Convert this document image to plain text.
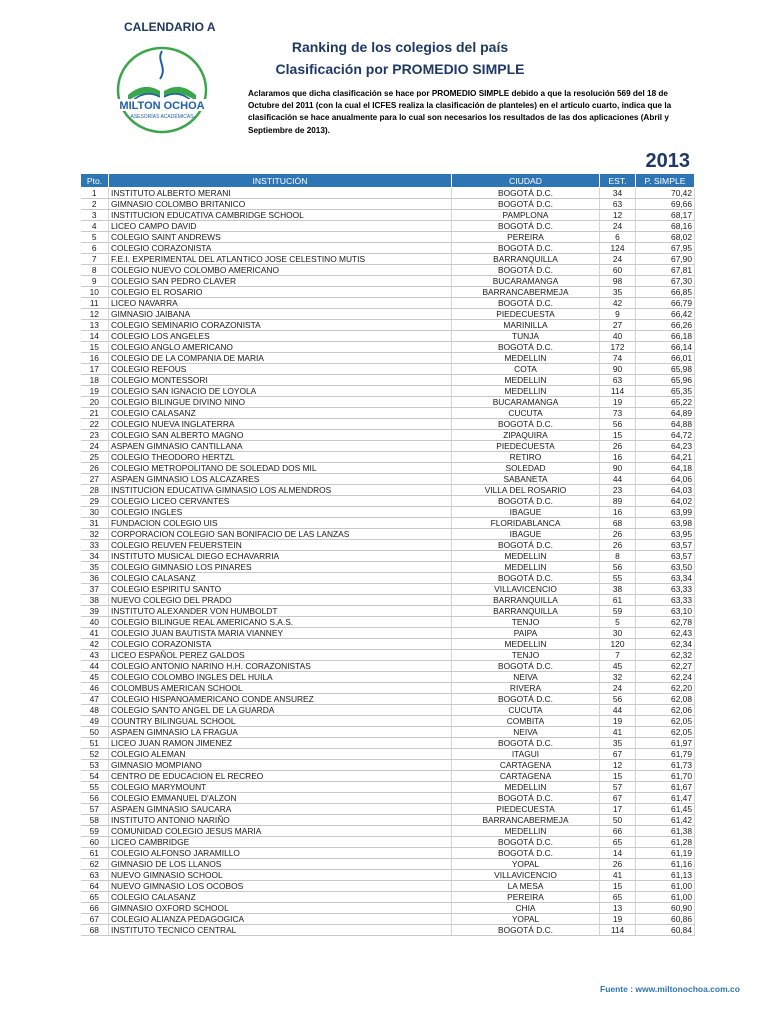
CALENDARIO A
MILTON OCHOA
ASESORÍAS ACADÉMICAS
Ranking de los colegios del país
Clasificación por PROMEDIO SIMPLE
Aclaramos que dicha clasificación se hace por PROMEDIO SIMPLE debido a que la resolución 569 del 18 de Octubre del 2011 (con la cual el ICFES realiza la clasificación de planteles) en el artículo cuarto, indica que la clasificación se hace anualmente para lo cual son necesarios los resultados de las dos aplicaciones (Abril y Septiembre de 2013).
2013
Pto.	INSTITUCIÓN	CIUDAD	EST.	P. SIMPLE
1	INSTITUTO ALBERTO MERANI	BOGOTÁ D.C.	34	70,42
2	GIMNASIO COLOMBO BRITANICO	BOGOTÁ D.C.	63	69,66
3	INSTITUCION EDUCATIVA CAMBRIDGE SCHOOL	PAMPLONA	12	68,17
4	LICEO CAMPO DAVID	BOGOTÁ D.C.	24	68,16
5	COLEGIO SAINT ANDREWS	PEREIRA	6	68,02
6	COLEGIO CORAZONISTA	BOGOTÁ D.C.	124	67,95
7	F.E.I. EXPERIMENTAL DEL ATLANTICO JOSE CELESTINO MUTIS	BARRANQUILLA	24	67,90
8	COLEGIO NUEVO COLOMBO AMERICANO	BOGOTÁ D.C.	60	67,81
9	COLEGIO SAN PEDRO CLAVER	BUCARAMANGA	98	67,30
10	COLEGIO EL ROSARIO	BARRANCABERMEJA	35	66,85
11	LICEO NAVARRA	BOGOTÁ D.C.	42	66,79
12	GIMNASIO JAIBANA	PIEDECUESTA	9	66,42
13	COLEGIO SEMINARIO CORAZONISTA	MARINILLA	27	66,26
14	COLEGIO LOS ANGELES	TUNJA	40	66,18
15	COLEGIO ANGLO AMERICANO	BOGOTÁ D.C.	172	66,14
16	COLEGIO DE LA COMPANIA DE MARIA	MEDELLIN	74	66,01
17	COLEGIO REFOUS	COTA	90	65,98
18	COLEGIO MONTESSORI	MEDELLIN	63	65,96
19	COLEGIO SAN IGNACIO DE LOYOLA	MEDELLIN	114	65,35
20	COLEGIO BILINGUE DIVINO NINO	BUCARAMANGA	19	65,22
21	COLEGIO CALASANZ	CUCUTA	73	64,89
22	COLEGIO NUEVA INGLATERRA	BOGOTÁ D.C.	56	64,88
23	COLEGIO SAN ALBERTO MAGNO	ZIPAQUIRA	15	64,72
24	ASPAEN GIMNASIO CANTILLANA	PIEDECUESTA	26	64,23
25	COLEGIO THEODORO HERTZL	RETIRO	16	64,21
26	COLEGIO METROPOLITANO DE SOLEDAD DOS MIL	SOLEDAD	90	64,18
27	ASPAEN GIMNASIO LOS ALCAZARES	SABANETA	44	64,06
28	INSTITUCION EDUCATIVA GIMNASIO LOS ALMENDROS	VILLA DEL ROSARIO	23	64,03
29	COLEGIO LICEO CERVANTES	BOGOTÁ D.C.	89	64,02
30	COLEGIO INGLES	IBAGUE	16	63,99
31	FUNDACION COLEGIO UIS	FLORIDABLANCA	68	63,98
32	CORPORACION COLEGIO SAN BONIFACIO DE LAS LANZAS	IBAGUE	26	63,95
33	COLEGIO REUVEN FEUERSTEIN	BOGOTÁ D.C.	26	63,57
34	INSTITUTO MUSICAL DIEGO ECHAVARRIA	MEDELLIN	8	63,57
35	COLEGIO GIMNASIO LOS PINARES	MEDELLIN	56	63,50
36	COLEGIO CALASANZ	BOGOTÁ D.C.	55	63,34
37	COLEGIO ESPIRITU SANTO	VILLAVICENCIO	38	63,33
38	NUEVO COLEGIO DEL PRADO	BARRANQUILLA	61	63,33
39	INSTITUTO ALEXANDER VON HUMBOLDT	BARRANQUILLA	59	63,10
40	COLEGIO BILINGUE REAL AMERICANO S.A.S.	TENJO	5	62,78
41	COLEGIO JUAN BAUTISTA MARIA VIANNEY	PAIPA	30	62,43
42	COLEGIO CORAZONISTA	MEDELLIN	120	62,34
43	LICEO ESPAÑOL PEREZ GALDOS	TENJO	7	62,32
44	COLEGIO ANTONIO NARINO H.H. CORAZONISTAS	BOGOTÁ D.C.	45	62,27
45	COLEGIO COLOMBO INGLES DEL HUILA	NEIVA	32	62,24
46	COLOMBUS AMERICAN SCHOOL	RIVERA	24	62,20
47	COLEGIO HISPANOAMERICANO CONDE ANSUREZ	BOGOTÁ D.C.	56	62,08
48	COLEGIO SANTO ANGEL DE LA GUARDA	CUCUTA	44	62,06
49	COUNTRY BILINGUAL SCHOOL	COMBITA	19	62,05
50	ASPAEN GIMNASIO LA FRAGUA	NEIVA	41	62,05
51	LICEO JUAN RAMON JIMENEZ	BOGOTÁ D.C.	35	61,97
52	COLEGIO ALEMAN	ITAGUI	67	61,79
53	GIMNASIO MOMPIANO	CARTAGENA	12	61,73
54	CENTRO DE EDUCACION EL RECREO	CARTAGENA	15	61,70
55	COLEGIO MARYMOUNT	MEDELLIN	57	61,67
56	COLEGIO EMMANUEL D'ALZON	BOGOTÁ D.C.	67	61,47
57	ASPAEN GIMNASIO SAUCARA	PIEDECUESTA	17	61,45
58	INSTITUTO ANTONIO NARIÑO	BARRANCABERMEJA	50	61,42
59	COMUNIDAD COLEGIO JESUS MARIA	MEDELLIN	66	61,38
60	LICEO CAMBRIDGE	BOGOTÁ D.C.	65	61,28
61	COLEGIO ALFONSO JARAMILLO	BOGOTÁ D.C.	14	61,19
62	GIMNASIO DE LOS LLANOS	YOPAL	26	61,16
63	NUEVO GIMNASIO SCHOOL	VILLAVICENCIO	41	61,13
64	NUEVO GIMNASIO LOS OCOBOS	LA MESA	15	61,00
65	COLEGIO CALASANZ	PEREIRA	65	61,00
66	GIMNASIO OXFORD SCHOOL	CHIA	13	60,90
67	COLEGIO ALIANZA PEDAGOGICA	YOPAL	19	60,86
68	INSTITUTO TECNICO CENTRAL	BOGOTÁ D.C.	114	60,84
Fuente : www.miltonochoa.com.co
